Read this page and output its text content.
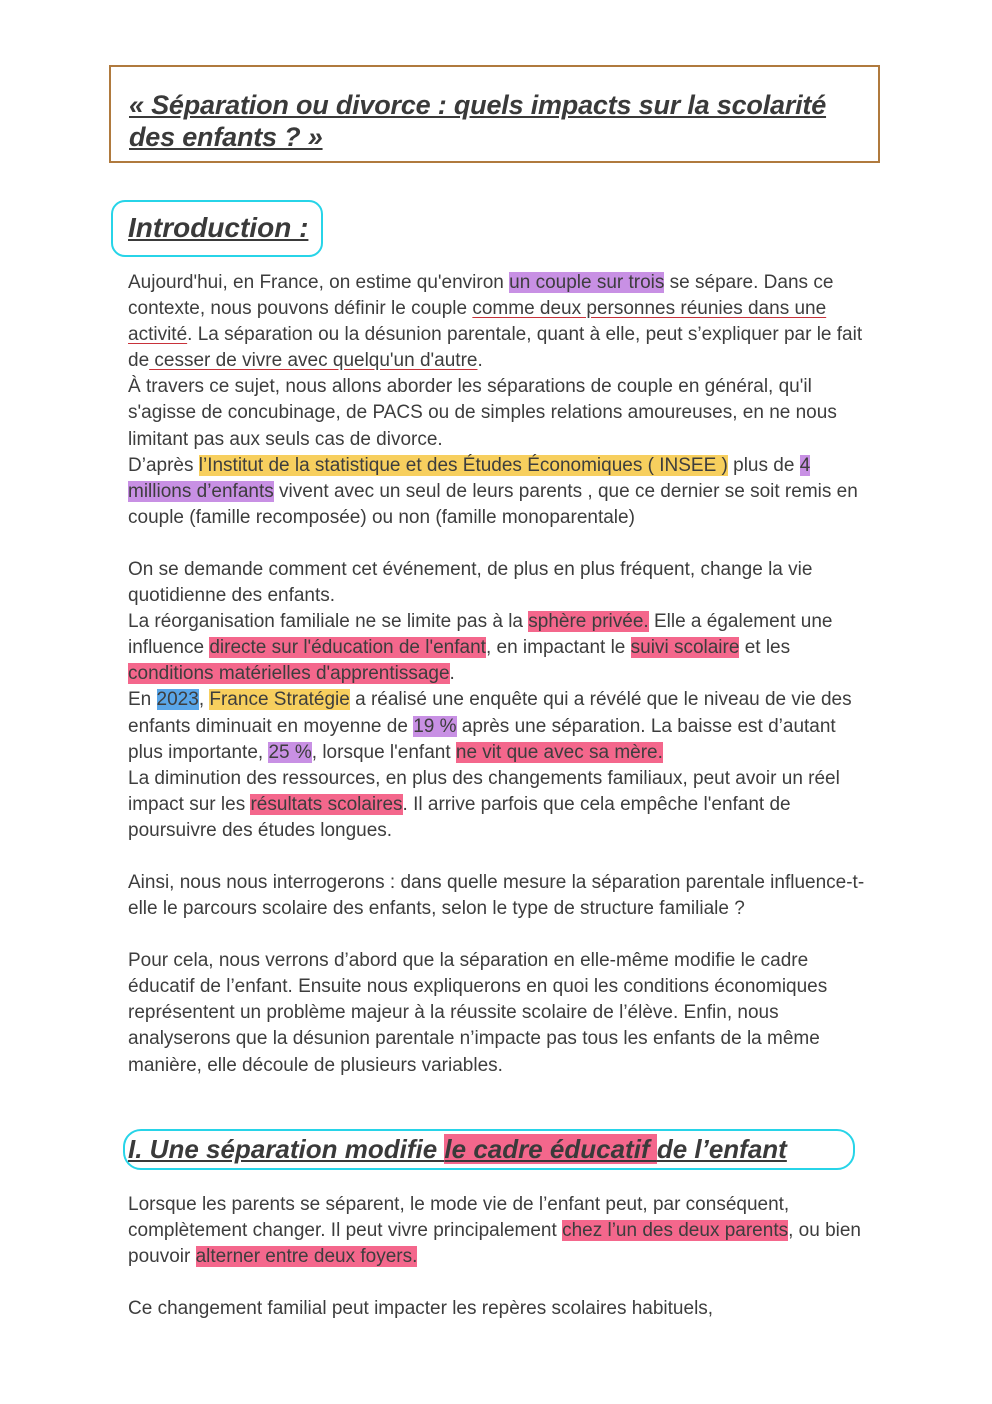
« Séparation ou divorce : quels impacts sur la scolarité des enfants ? »
Introduction :

Aujourd'hui, en France, on estime qu'environ un couple sur trois se sépare. Dans ce contexte, nous pouvons définir le couple comme deux personnes réunies dans une activité. La séparation ou la désunion parentale, quant à elle, peut s’expliquer par le fait de cesser de vivre avec quelqu'un d'autre.

À travers ce sujet, nous allons aborder les séparations de couple en général, qu'il s'agisse de concubinage, de PACS ou de simples relations amoureuses, en ne nous limitant pas aux seuls cas de divorce.

D’après l’Institut de la statistique et des Études Économiques ( INSEE ) plus de 4 millions d’enfants vivent avec un seul de leurs parents , que ce dernier se soit remis en couple (famille recomposée) ou non (famille monoparentale)

On se demande comment cet événement, de plus en plus fréquent, change la vie quotidienne des enfants.

La réorganisation familiale ne se limite pas à la sphère privée. Elle a également une influence directe sur l'éducation de l'enfant, en impactant le suivi scolaire et les conditions matérielles d'apprentissage.

En 2023, France Stratégie a réalisé une enquête qui a révélé que le niveau de vie des enfants diminuait en moyenne de 19 % après une séparation. La baisse est d’autant plus importante, 25 %, lorsque l'enfant ne vit que avec sa mère.

La diminution des ressources, en plus des changements familiaux, peut avoir un réel impact sur les résultats scolaires. Il arrive parfois que cela empêche l'enfant de poursuivre des études longues.

Ainsi, nous nous interrogerons : dans quelle mesure la séparation parentale influence-t-elle le parcours scolaire des enfants, selon le type de structure familiale ?

Pour cela, nous verrons d’abord que la séparation en elle-même modifie le cadre éducatif de l’enfant. Ensuite nous expliquerons en quoi les conditions économiques représentent un problème majeur à la réussite scolaire de l’élève. Enfin, nous analyserons que la désunion parentale n’impacte pas tous les enfants de la même manière, elle découle de plusieurs variables.

I. Une séparation modifie le cadre éducatif de l’enfant

Lorsque les parents se séparent, le mode vie de l’enfant peut, par conséquent, complètement changer. Il peut vivre principalement chez l’un des deux parents, ou bien pouvoir alterner entre deux foyers.

Ce changement familial peut impacter les repères scolaires habituels,
